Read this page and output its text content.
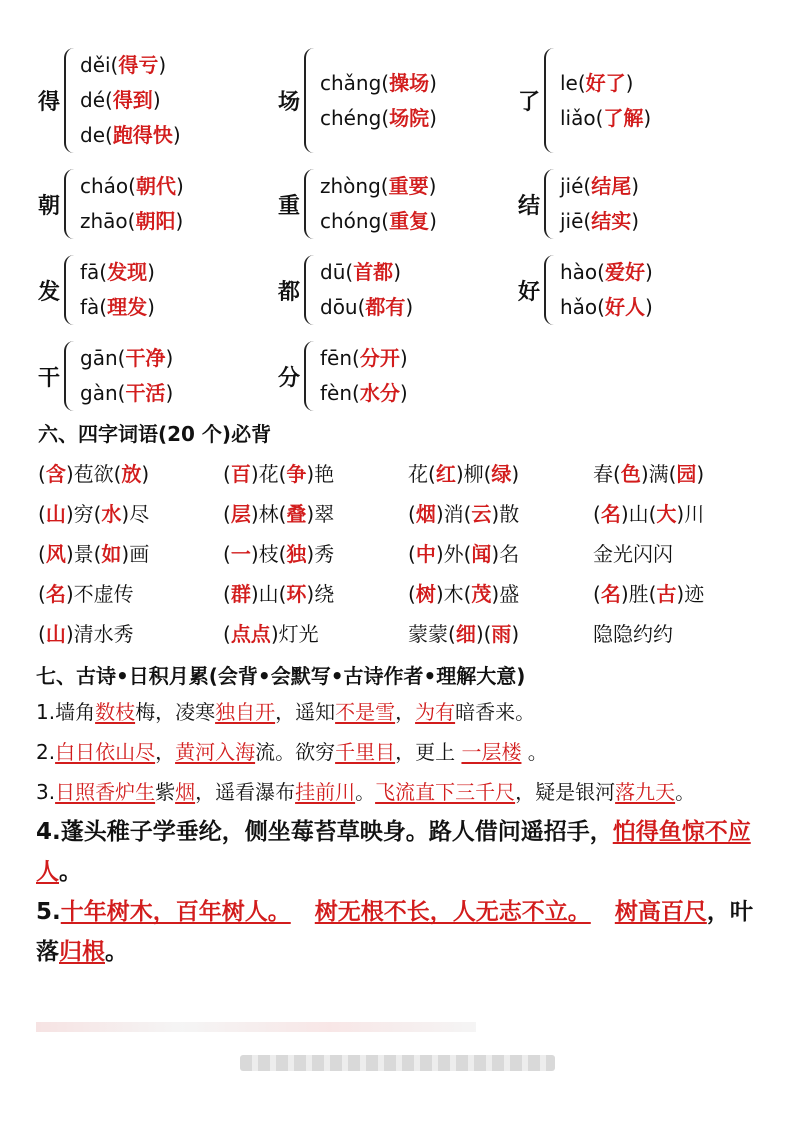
得
děi(得亏)
dé(得到)
de(跑得快)
场
chǎng(操场)
chéng(场院)
了
le(好了)
liǎo(了解)
朝
cháo(朝代)
zhāo(朝阳)
重
zhòng(重要)
chóng(重复)
结
jié(结尾)
jiē(结实)
发
fā(发现)
fà(理发)
都
dū(首都)
dōu(都有)
好
hào(爱好)
hǎo(好人)
干
gān(干净)
gàn(干活)
分
fēn(分开)
fèn(水分)
六、四字词语(20 个)必背
(含)苞欲(放)	(百)花(争)艳	花(红)柳(绿)	春(色)满(园)
(山)穷(水)尽	(层)林(叠)翠	(烟)消(云)散	(名)山(大)川
(风)景(如)画	(一)枝(独)秀	(中)外(闻)名	金光闪闪
(名)不虚传	(群)山(环)绕	(树)木(茂)盛	(名)胜(古)迹
(山)清水秀	(点点)灯光	蒙蒙(细)(雨)	隐隐约约
七、古诗•日积月累(会背•会默写•古诗作者•理解大意)
1.墙角数枝梅，凌寒独自开，遥知不是雪，为有暗香来。
2.白日依山尽，黄河入海流。欲穷千里目，更上 一层楼 。
3.日照香炉生紫烟，遥看瀑布挂前川。飞流直下三千尺，疑是银河落九天。
4.蓬头稚子学垂纶，侧坐莓苔草映身。路人借问遥招手，怕得鱼惊不应人。
5.十年树木，百年树人。 树无根不长，人无志不立。 树高百尺，叶落归根。
